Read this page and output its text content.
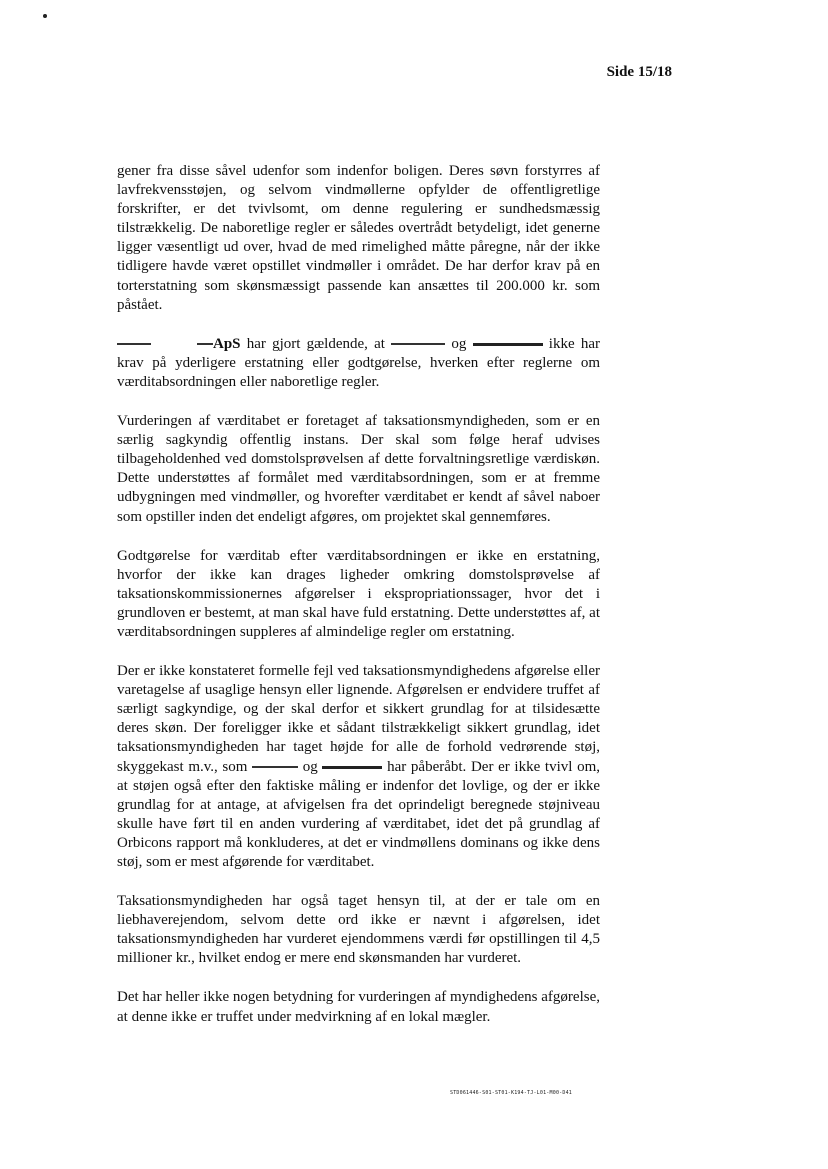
Side 15/18

gener fra disse såvel udenfor som indenfor boligen. Deres søvn forstyrres af lavfrekvensstøjen, og selvom vindmøllerne opfylder de offentligretlige forskrifter, er det tvivlsomt, om denne regulering er sundhedsmæssig tilstrækkelig. De naboretlige regler er således overtrådt betydeligt, idet generne ligger væsentligt ud over, hvad de med rimelighed måtte påregne, når der ikke tidligere havde været opstillet vindmøller i området. De har derfor krav på en torterstatning som skønsmæssigt passende kan ansættes til 200.000 kr. som påstået.

ApS har gjort gældende, at	og	ikke har krav på yderligere erstatning eller godtgørelse, hverken efter reglerne om værditabsordningen eller naboretlige regler.

Vurderingen af værditabet er foretaget af taksationsmyndigheden, som er en særlig sagkyndig offentlig instans. Der skal som følge heraf udvises tilbageholdenhed ved domstolsprøvelsen af dette forvaltningsretlige værdiskøn. Dette understøttes af formålet med værditabsordningen, som er at fremme udbygningen med vindmøller, og hvorefter værditabet er kendt af såvel naboer som opstiller inden det endeligt afgøres, om projektet skal gennemføres.

Godtgørelse for værditab efter værditabsordningen er ikke en erstatning, hvorfor der ikke kan drages ligheder omkring domstolsprøvelse af taksationskommissionernes afgørelser i ekspropriationssager, hvor det i grundloven er bestemt, at man skal have fuld erstatning. Dette understøttes af, at værditabsordningen suppleres af almindelige regler om erstatning.

Der er ikke konstateret formelle fejl ved taksationsmyndighedens afgørelse eller varetagelse af usaglige hensyn eller lignende. Afgørelsen er endvidere truffet af særligt sagkyndige, og der skal derfor et sikkert grundlag for at tilsidesætte deres skøn. Der foreligger ikke et sådant tilstrækkeligt sikkert grundlag, idet taksationsmyndigheden har taget højde for alle de forhold vedrørende støj, skyggekast m.v., som	og	har påberåbt. Der er ikke tvivl om, at støjen også efter den faktiske måling er indenfor det lovlige, og der er ikke grundlag for at antage, at afvigelsen fra det oprindeligt beregnede støjniveau skulle have ført til en anden vurdering af værditabet, idet det på grundlag af Orbicons rapport må konkluderes, at det er vindmøllens dominans og ikke dens støj, som er mest afgørende for værditabet.

Taksationsmyndigheden har også taget hensyn til, at der er tale om en liebhaverejendom, selvom dette ord ikke er nævnt i afgørelsen, idet taksationsmyndigheden har vurderet ejendommens værdi før opstillingen til 4,5 millioner kr., hvilket endog er mere end skønsmanden har vurderet.

Det har heller ikke nogen betydning for vurderingen af myndighedens afgørelse, at denne ikke er truffet under medvirkning af en lokal mægler.

STD061446-S01-ST01-K194-TJ-L01-M00-D41
